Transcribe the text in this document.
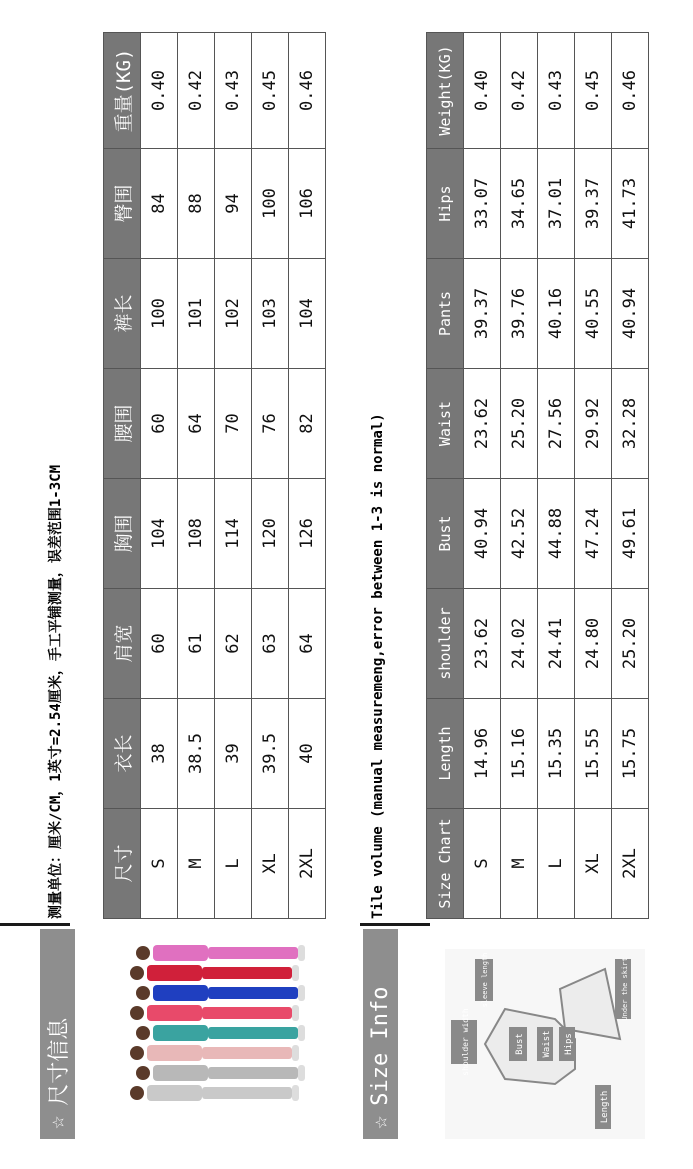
☆
尺寸信息
测量单位：厘米/CM，1英寸=2.54厘米，手工平铺测量，误差范围1-3CM	尺寸	衣长	肩宽	胸围	腰围	裤长	臀围	重量(KG)
S	38	60	104	60	100	84	0.40
M	38.5	61	108	64	101	88	0.42
L	39	62	114	70	102	94	0.43
XL	39.5	63	120	76	103	100	0.45
2XL	40	64	126	82	104	106	0.46
☆
Size Info
Tile volume (manual measuremeng,error between 1-3 is normal)
shoulder width
sleeve length
Bust Waist Hips
Length
Under the skirt
Size Chart	Length	shoulder	Bust	Waist	Pants	Hips	Weight(KG)
S	14.96	23.62	40.94	23.62	39.37	33.07	0.40
M	15.16	24.02	42.52	25.20	39.76	34.65	0.42
L	15.35	24.41	44.88	27.56	40.16	37.01	0.43
XL	15.55	24.80	47.24	29.92	40.55	39.37	0.45
2XL	15.75	25.20	49.61	32.28	40.94	41.73	0.46
